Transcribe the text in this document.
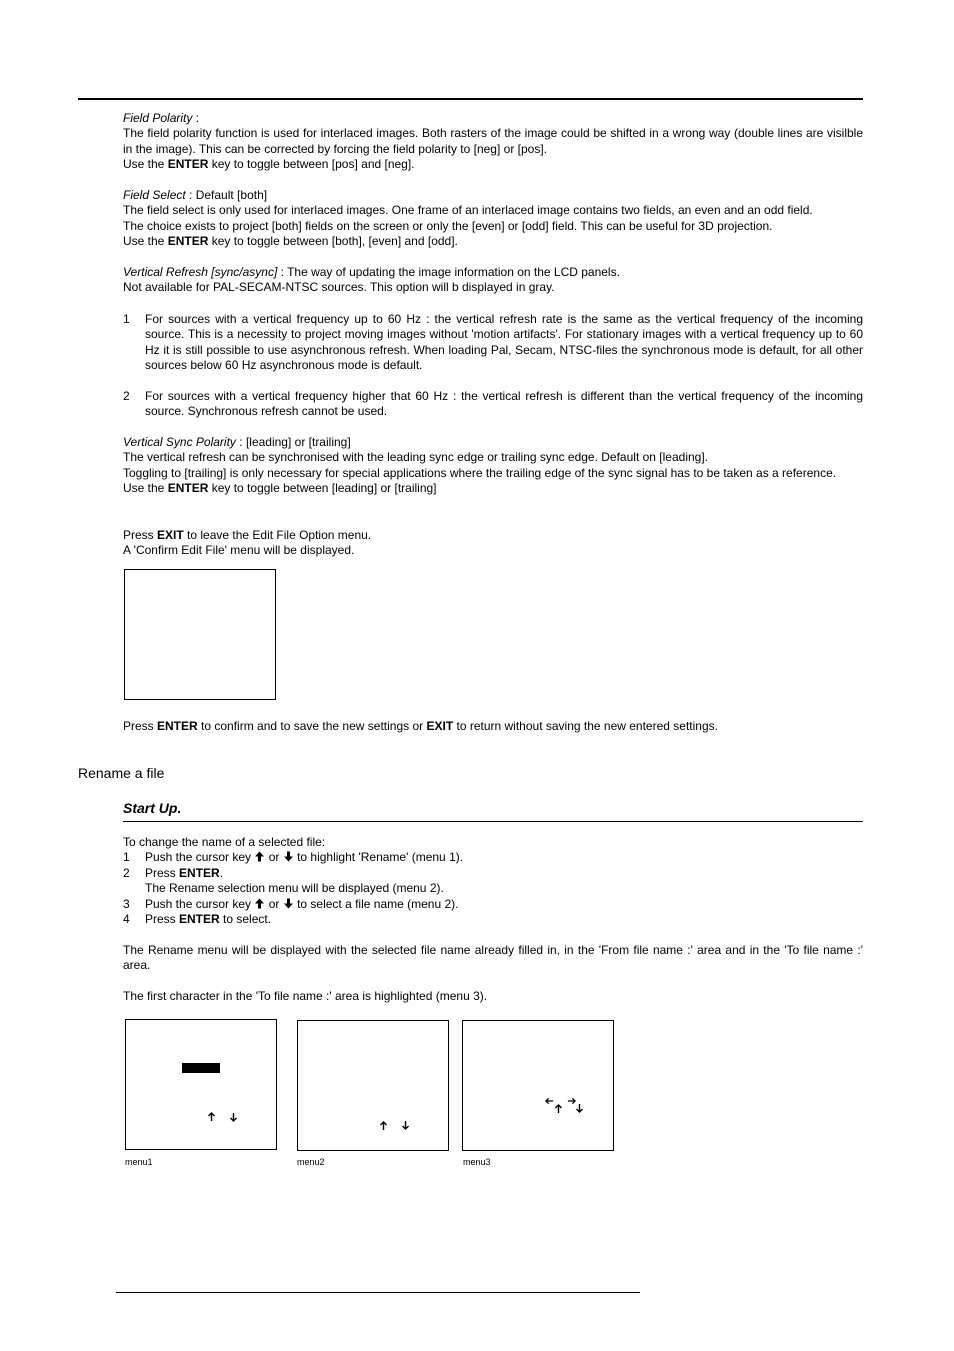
Field Polarity :
The field polarity function is used for interlaced images. Both rasters of the image could be shifted in a wrong way (double lines are visilble in the image). This can be corrected by forcing the field polarity to [neg] or [pos].
Use the ENTER key to toggle between [pos] and [neg].
Field Select : Default [both]
The field select is only used for interlaced images. One frame of an interlaced image contains two fields, an even and an odd field.
The choice exists to project [both] fields on the screen or only the [even] or [odd] field. This can be useful for 3D projection.
Use the ENTER key to toggle between [both], [even] and [odd].
Vertical Refresh [sync/async] : The way of updating the image information on the LCD panels.
Not available for PAL-SECAM-NTSC sources. This option will b displayed in gray.
1 For sources with a vertical frequency up to 60 Hz : the vertical refresh rate is the same as the vertical frequency of the incoming source. This is a necessity to project moving images without 'motion artifacts'. For stationary images with a vertical frequency up to 60 Hz it is still possible to use asynchronous refresh. When loading Pal, Secam, NTSC-files the synchronous mode is default, for all other sources below 60 Hz asynchronous mode is default.
2 For sources with a vertical frequency higher that 60 Hz : the vertical refresh is different than the vertical frequency of the incoming source. Synchronous refresh cannot be used.
Vertical Sync Polarity : [leading] or [trailing]
The vertical refresh can be synchronised with the leading sync edge or trailing sync edge. Default on [leading].
Toggling to [trailing] is only necessary for special applications where the trailing edge of the sync signal has to be taken as a reference.
Use the ENTER key to toggle between [leading] or [trailing]
Press EXIT to leave the Edit File Option menu.
A 'Confirm Edit File' menu will be displayed.
Press ENTER to confirm and to save the new settings or EXIT to return without saving the new entered settings.
Rename a file
Start Up.
To change the name of a selected file:
1 Push the cursor key  or  to highlight 'Rename' (menu 1).
2 Press ENTER.
The Rename selection menu will be displayed (menu 2).
3 Push the cursor key  or  to select a file name (menu 2).
4 Press ENTER to select.
The Rename menu will be displayed with the selected file name already filled in, in the 'From file name :' area and in the 'To file name :' area.
The first character in the 'To file name :' area is highlighted (menu 3).
menu1	menu2	menu3
